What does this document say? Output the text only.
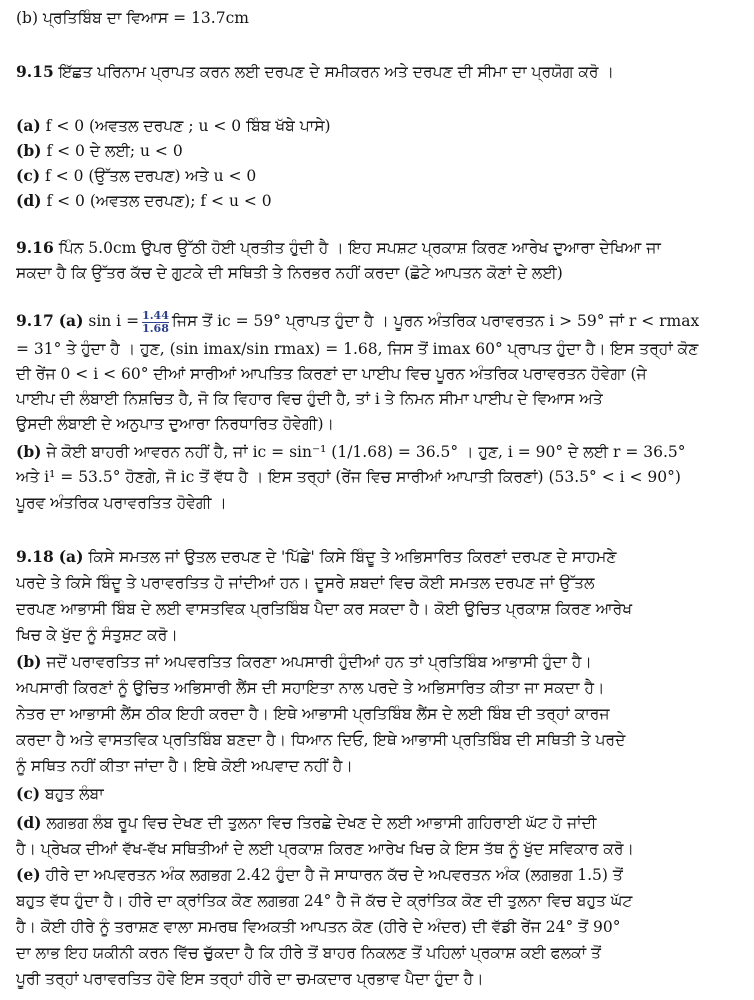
(b) ਪ੍ਰਤਿਬਿੰਬ ਦਾ ਵਿਆਸ = 13.7cm
9.15 ਇੱਛਤ ਪਰਿਨਾਮ ਪ੍ਰਾਪਤ ਕਰਨ ਲਈ ਦਰਪਣ ਦੇ ਸਮੀਕਰਨ ਅਤੇ ਦਰਪਣ ਦੀ ਸੀਮਾ ਦਾ ਪ੍ਰਯੋਗ ਕਰੋ ।
(a) f < 0 (ਅਵਤਲ ਦਰਪਣ ; u < 0 ਬਿੰਬ ਖੱਬੇ ਪਾਸੇ)
(b) f < 0 ਦੇ ਲਈ; u < 0
(c) f < 0 (ਉੱਤਲ ਦਰਪਣ) ਅਤੇ u < 0
(d) f < 0 (ਅਵਤਲ ਦਰਪਣ); f < u < 0
9.16 ਪਿੰਨ 5.0cm ਉਪਰ ਉੱਠੀ ਹੋਈ ਪ੍ਰਤੀਤ ਹੁੰਦੀ ਹੈ । ਇਹ ਸਪਸ਼ਟ ਪ੍ਰਕਾਸ਼ ਕਿਰਣ ਆਰੇਖ ਦੁਆਰਾ ਦੇਖਿਆ ਜਾ
ਸਕਦਾ ਹੈ ਕਿ ਉੱਤਰ ਕੱਚ ਦੇ ਗੁਟਕੇ ਦੀ ਸਥਿਤੀ ਤੇ ਨਿਰਭਰ ਨਹੀਂ ਕਰਦਾ (ਛੋਟੇ ਆਪਤਨ ਕੋਣਾਂ ਦੇ ਲਈ)
9.17 (a) $\sin i = \frac{1.44}{1.68}$ ਜਿਸ ਤੋਂ ic = 59° ਪ੍ਰਾਪਤ ਹੁੰਦਾ ਹੈ । ਪੂਰਨ ਅੰਤਰਿਕ ਪਰਾਵਰਤਨ i > 59° ਜਾਂ r < rmax
= 31° ਤੇ ਹੁੰਦਾ ਹੈ । ਹੁਣ, (sin imax/sin rmax) = 1.68, ਜਿਸ ਤੋਂ imax 60° ਪ੍ਰਾਪਤ ਹੁੰਦਾ ਹੈ। ਇਸ ਤਰ੍ਹਾਂ ਕੋਣ
ਦੀ ਰੇਂਜ 0 < i < 60° ਦੀਆਂ ਸਾਰੀਆਂ ਆਪਤਿਤ ਕਿਰਣਾਂ ਦਾ ਪਾਈਪ ਵਿਚ ਪੂਰਨ ਅੰਤਰਿਕ ਪਰਾਵਰਤਨ ਹੋਵੇਗਾ (ਜੇ
ਪਾਈਪ ਦੀ ਲੰਬਾਈ ਨਿਸ਼ਚਿਤ ਹੈ, ਜੋ ਕਿ ਵਿਹਾਰ ਵਿਚ ਹੁੰਦੀ ਹੈ, ਤਾਂ i ਤੇ ਨਿਮਨ ਸੀਮਾ ਪਾਈਪ ਦੇ ਵਿਆਸ ਅਤੇ
ਉਸਦੀ ਲੰਬਾਈ ਦੇ ਅਨੁਪਾਤ ਦੁਆਰਾ ਨਿਰਧਾਰਿਤ ਹੋਵੇਗੀ)।
(b) ਜੇ ਕੋਈ ਬਾਹਰੀ ਆਵਰਨ ਨਹੀਂ ਹੈ, ਜਾਂ ic = sin⁻¹ (1/1.68) = 36.5° । ਹੁਣ, i = 90° ਦੇ ਲਈ r = 36.5°
ਅਤੇ i¹ = 53.5° ਹੋਣਗੇ, ਜੋ ic ਤੋਂ ਵੱਧ ਹੈ । ਇਸ ਤਰ੍ਹਾਂ (ਰੇਂਜ ਵਿਚ ਸਾਰੀਆਂ ਆਪਾਤੀ ਕਿਰਣਾਂ) (53.5° < i < 90°)
ਪੂਰਵ ਅੰਤਰਿਕ ਪਰਾਵਰਤਿਤ ਹੋਵੇਗੀ ।
9.18 (a) ਕਿਸੇ ਸਮਤਲ ਜਾਂ ਉਤਲ ਦਰਪਣ ਦੇ 'ਪਿੱਛੇ' ਕਿਸੇ ਬਿੰਦੂ ਤੇ ਅਭਿਸਾਰਿਤ ਕਿਰਣਾਂ ਦਰਪਣ ਦੇ ਸਾਹਮਣੇ
ਪਰਦੇ ਤੇ ਕਿਸੇ ਬਿੰਦੂ ਤੇ ਪਰਾਵਰਤਿਤ ਹੋ ਜਾਂਦੀਆਂ ਹਨ। ਦੂਸਰੇ ਸ਼ਬਦਾਂ ਵਿਚ ਕੋਈ ਸਮਤਲ ਦਰਪਣ ਜਾਂ ਉੱਤਲ
ਦਰਪਣ ਆਭਾਸੀ ਬਿੰਬ ਦੇ ਲਈ ਵਾਸਤਵਿਕ ਪ੍ਰਤਿਬਿੰਬ ਪੈਦਾ ਕਰ ਸਕਦਾ ਹੈ। ਕੋਈ ਉਚਿਤ ਪ੍ਰਕਾਸ਼ ਕਿਰਣ ਆਰੇਖ
ਖਿਚ ਕੇ ਖੁੱਦ ਨੂੰ ਸੰਤੁਸ਼ਟ ਕਰੋ।
(b) ਜਦੋਂ ਪਰਾਵਰਤਿਤ ਜਾਂ ਅਪਵਰਤਿਤ ਕਿਰਣਾ ਅਪਸਾਰੀ ਹੁੰਦੀਆਂ ਹਨ ਤਾਂ ਪ੍ਰਤਿਬਿੰਬ ਆਭਾਸੀ ਹੁੰਦਾ ਹੈ।
ਅਪਸਾਰੀ ਕਿਰਣਾਂ ਨੂੰ ਉਚਿਤ ਅਭਿਸਾਰੀ ਲੈਂਸ ਦੀ ਸਹਾਇਤਾ ਨਾਲ ਪਰਦੇ ਤੇ ਅਭਿਸਾਰਿਤ ਕੀਤਾ ਜਾ ਸਕਦਾ ਹੈ।
ਨੇਤਰ ਦਾ ਆਭਾਸੀ ਲੈਂਸ ਠੀਕ ਇਹੀ ਕਰਦਾ ਹੈ। ਇਥੇ ਆਭਾਸੀ ਪ੍ਰਤਿਬਿੰਬ ਲੈਂਸ ਦੇ ਲਈ ਬਿੰਬ ਦੀ ਤਰ੍ਹਾਂ ਕਾਰਜ
ਕਰਦਾ ਹੈ ਅਤੇ ਵਾਸਤਵਿਕ ਪ੍ਰਤਿਬਿੰਬ ਬਣਦਾ ਹੈ। ਧਿਆਨ ਦਿਓ, ਇਥੇ ਆਭਾਸੀ ਪ੍ਰਤਿਬਿੰਬ ਦੀ ਸਥਿਤੀ ਤੇ ਪਰਦੇ
ਨੂੰ ਸਥਿਤ ਨਹੀਂ ਕੀਤਾ ਜਾਂਦਾ ਹੈ। ਇਥੇ ਕੋਈ ਅਪਵਾਦ ਨਹੀਂ ਹੈ।
(c) ਬਹੁਤ ਲੰਬਾ
(d) ਲਗਭਗ ਲੰਬ ਰੂਪ ਵਿਚ ਦੇਖਣ ਦੀ ਤੁਲਨਾ ਵਿਚ ਤਿਰਛੇ ਦੇਖਣ ਦੇ ਲਈ ਆਭਾਸੀ ਗਹਿਰਾਈ ਘੱਟ ਹੋ ਜਾਂਦੀ
ਹੈ। ਪ੍ਰੇਖਕ ਦੀਆਂ ਵੱਖ-ਵੱਖ ਸਥਿਤੀਆਂ ਦੇ ਲਈ ਪ੍ਰਕਾਸ਼ ਕਿਰਣ ਆਰੇਖ ਖਿਚ ਕੇ ਇਸ ਤੱਥ ਨੂੰ ਖੁੱਦ ਸਵਿਕਾਰ ਕਰੋ।
(e) ਹੀਰੇ ਦਾ ਅਪਵਰਤਨ ਅੰਕ ਲਗਭਗ 2.42 ਹੁੰਦਾ ਹੈ ਜੋ ਸਾਧਾਰਨ ਕੱਚ ਦੇ ਅਪਵਰਤਨ ਅੰਕ (ਲਗਭਗ 1.5) ਤੋਂ
ਬਹੁਤ ਵੱਧ ਹੁੰਦਾ ਹੈ। ਹੀਰੇ ਦਾ ਕ੍ਰਾਂਤਿਕ ਕੋਣ ਲਗਭਗ 24° ਹੈ ਜੋ ਕੱਚ ਦੇ ਕ੍ਰਾਂਤਿਕ ਕੋਣ ਦੀ ਤੁਲਨਾ ਵਿਚ ਬਹੁਤ ਘੱਟ
ਹੈ। ਕੋਈ ਹੀਰੇ ਨੂੰ ਤਰਾਸ਼ਣ ਵਾਲਾ ਸਮਰਥ ਵਿਅਕਤੀ ਆਪਤਨ ਕੋਣ (ਹੀਰੇ ਦੇ ਅੰਦਰ) ਦੀ ਵੱਡੀ ਰੇਂਜ 24° ਤੋਂ 90°
ਦਾ ਲਾਭ ਇਹ ਯਕੀਨੀ ਕਰਨ ਵਿੱਚ ਚੁੱਕਦਾ ਹੈ ਕਿ ਹੀਰੇ ਤੋਂ ਬਾਹਰ ਨਿਕਲਣ ਤੋਂ ਪਹਿਲਾਂ ਪ੍ਰਕਾਸ਼ ਕਈ ਫਲਕਾਂ ਤੋਂ
ਪੂਰੀ ਤਰ੍ਹਾਂ ਪਰਾਵਰਤਿਤ ਹੋਵੇ ਇਸ ਤਰ੍ਹਾਂ ਹੀਰੇ ਦਾ ਚਮਕਦਾਰ ਪ੍ਰਭਾਵ ਪੈਦਾ ਹੁੰਦਾ ਹੈ।
